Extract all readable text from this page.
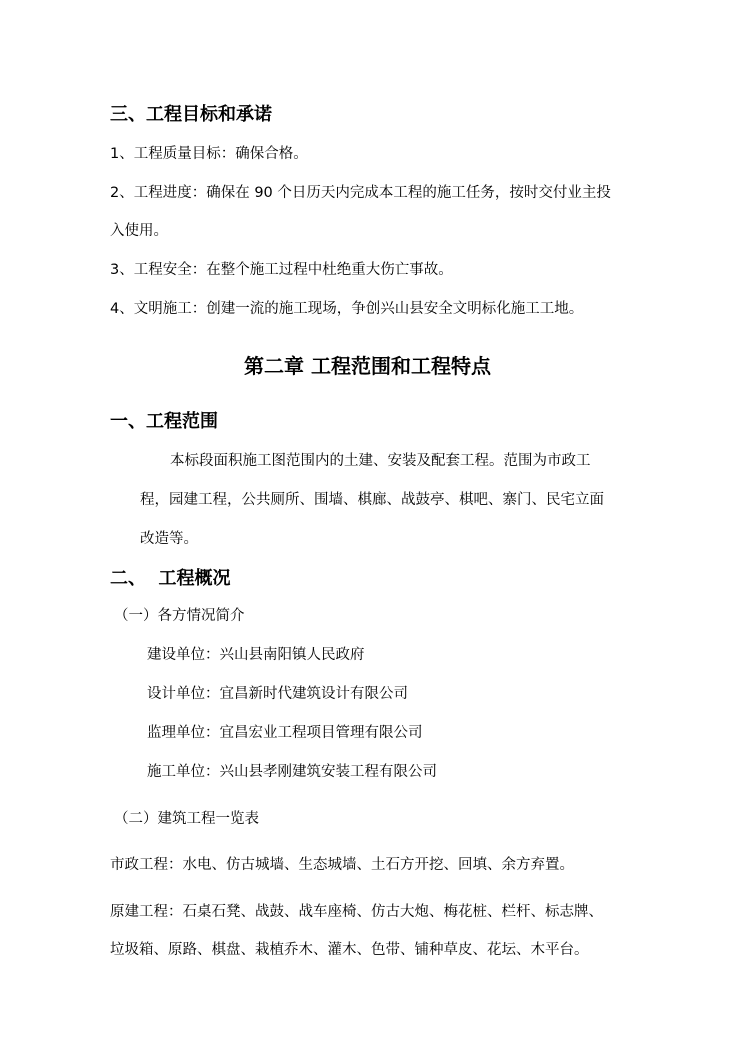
三、工程目标和承诺

1、工程质量目标：确保合格。

2、工程进度：确保在 90 个日历天内完成本工程的施工任务，按时交付业主投

入使用。

3、工程安全：在整个施工过程中杜绝重大伤亡事故。

4、文明施工：创建一流的施工现场，争创兴山县安全文明标化施工工地。

第二章 工程范围和工程特点
一、工程范围

本标段面积施工图范围内的土建、安装及配套工程。范围为市政工

程，园建工程，公共厕所、围墙、棋廊、战鼓亭、棋吧、寨门、民宅立面

改造等。

二、  工程概况

（一）各方情况简介

建设单位：兴山县南阳镇人民政府

设计单位：宜昌新时代建筑设计有限公司

监理单位：宜昌宏业工程项目管理有限公司

施工单位：兴山县孝刚建筑安装工程有限公司

（二）建筑工程一览表

市政工程：水电、仿古城墙、生态城墙、土石方开挖、回填、余方弃置。

原建工程：石桌石凳、战鼓、战车座椅、仿古大炮、梅花桩、栏杆、标志牌、

垃圾箱、原路、棋盘、栽植乔木、灌木、色带、铺种草皮、花坛、木平台。
